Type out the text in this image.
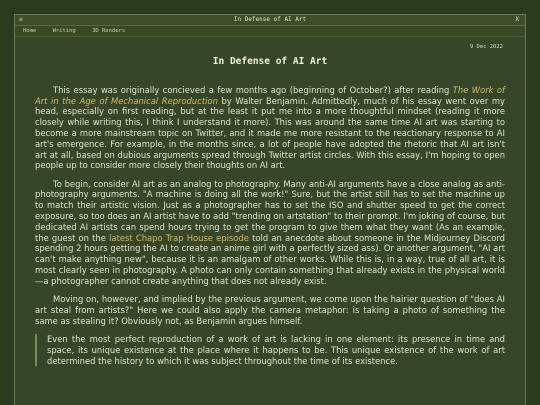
≡	In Defense of AI Art	X
Home	Writing	3D Renders
9 Dec 2022
In Defense of AI Art

This essay was originally concieved a few months ago (beginning of October?) after reading The Work of Art in the Age of Mechanical Reproduction by Walter Benjamin. Admittedly, much of his essay went over my head, especially on first reading, but at the least it put me into a more thoughtful mindset (reading it more closely while writing this, I think I understand it more). This was around the same time AI art was starting to become a more mainstream topic on Twitter, and it made me more resistant to the reactionary response to AI art's emergence. For example, in the months since, a lot of people have adopted the rhetoric that AI art isn't art at all, based on dubious arguments spread through Twitter artist circles. With this essay, I'm hoping to open people up to consider more closely their thoughts on AI art.

To begin, consider AI art as an analog to photography. Many anti-AI arguments have a close analog as anti-photography arguments. "A machine is doing all the work!" Sure, but the artist still has to set the machine up to match their artistic vision. Just as a photographer has to set the ISO and shutter speed to get the correct exposure, so too does an AI artist have to add "trending on artstation" to their prompt. I'm joking of course, but dedicated AI artists can spend hours trying to get the program to give them what they want (As an example, the guest on the latest Chapo Trap House episode told an anecdote about someone in the Midjourney Discord spending 2 hours getting the AI to create an anime girl with a perfectly sized ass). Or another argument, "AI art can't make anything new", because it is an amalgam of other works. While this is, in a way, true of all art, it is most clearly seen in photography. A photo can only contain something that already exists in the physical world—a photographer cannot create anything that does not already exist.

Moving on, however, and implied by the previous argument, we come upon the hairier question of "does AI art steal from artists?" Here we could also apply the camera metaphor: is taking a photo of something the same as stealing it? Obviously not, as Benjamin argues himself.

Even the most perfect reproduction of a work of art is lacking in one element: its presence in time and space, its unique existence at the place where it happens to be. This unique existence of the work of art determined the history to which it was subject throughout the time of its existence.
